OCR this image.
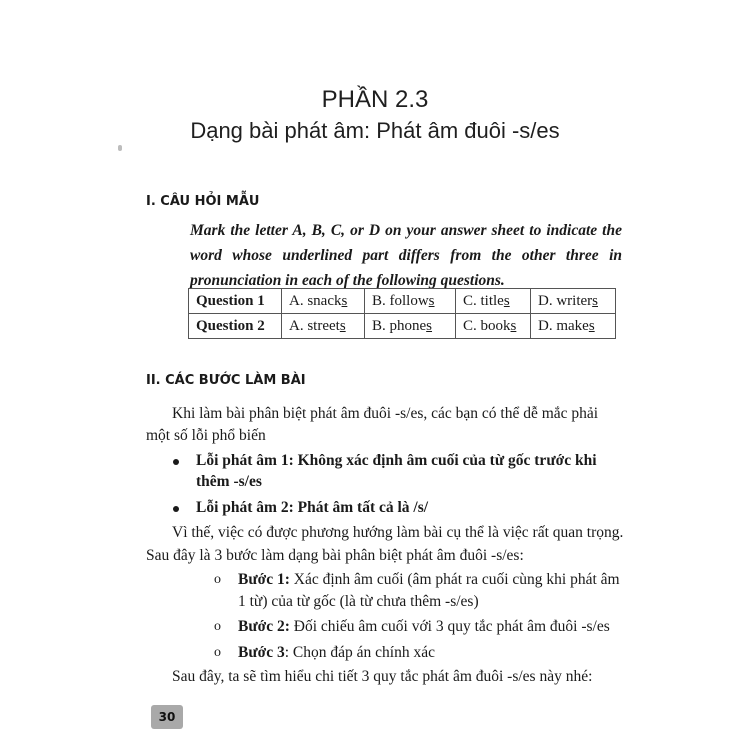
PHẦN 2.3
Dạng bài phát âm: Phát âm đuôi -s/es
I. CÂU HỎI MẪU
Mark the letter A, B, C, or D on your answer sheet to indicate the word whose underlined part differs from the other three in pronunciation in each of the following questions.
Question 1	A. snacks	B. follows	C. titles	D. writers
Question 2	A. streets	B. phones	C. books	D. makes
II. CÁC BƯỚC LÀM BÀI
Khi làm bài phân biệt phát âm đuôi -s/es, các bạn có thể dễ mắc phải
một số lỗi phổ biến
Lỗi phát âm 1: Không xác định âm cuối của từ gốc trước khi
thêm -s/es
Lỗi phát âm 2: Phát âm tất cả là /s/
Vì thế, việc có được phương hướng làm bài cụ thể là việc rất quan trọng.
Sau đây là 3 bước làm dạng bài phân biệt phát âm đuôi -s/es:
o Bước 1: Xác định âm cuối (âm phát ra cuối cùng khi phát âm
1 từ) của từ gốc (là từ chưa thêm -s/es)
o Bước 2: Đối chiếu âm cuối với 3 quy tắc phát âm đuôi -s/es
o Bước 3: Chọn đáp án chính xác
Sau đây, ta sẽ tìm hiểu chi tiết 3 quy tắc phát âm đuôi -s/es này nhé:
30
